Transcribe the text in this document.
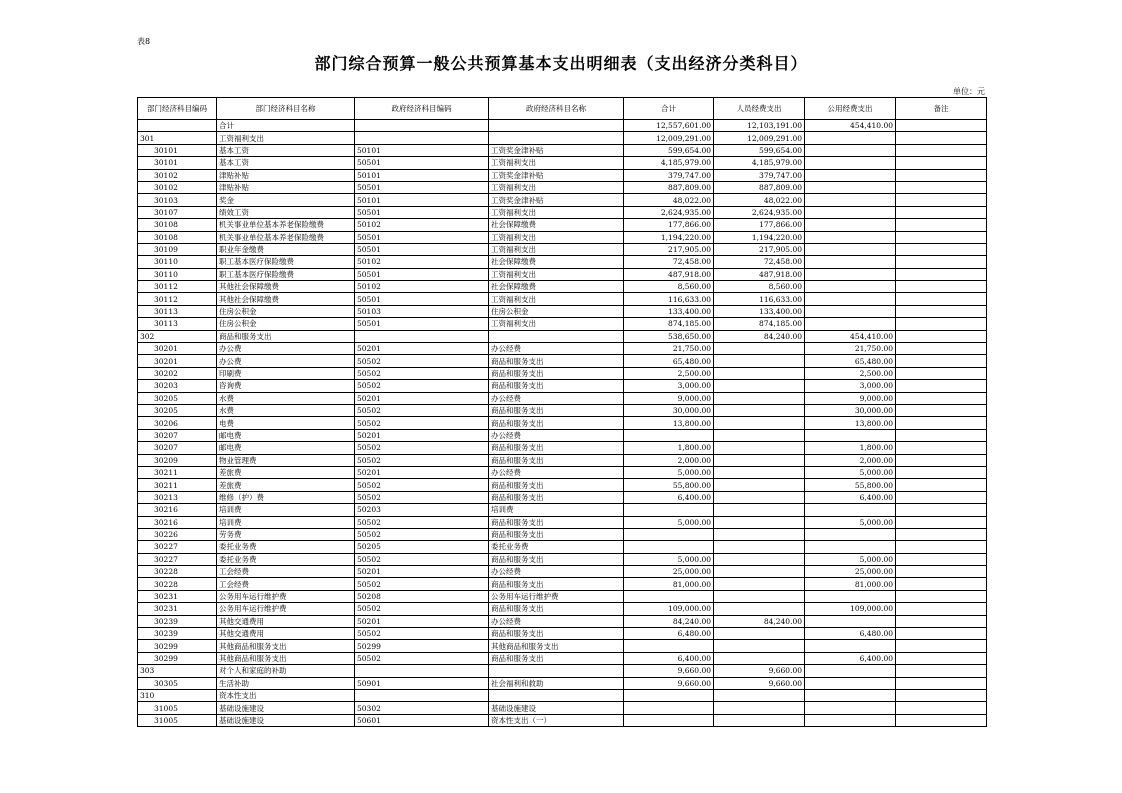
表8
部门综合预算一般公共预算基本支出明细表（支出经济分类科目）
单位：元
部门经济科目编码	部门经济科目名称	政府经济科目编码	政府经济科目名称	合计	人员经费支出	公用经费支出	备注
	合计			12,557,601.00	12,103,191.00	454,410.00	
301	工资福利支出			12,009,291.00	12,009,291.00		
30101	基本工资	50101	工资奖金津补贴	599,654.00	599,654.00		
30101	基本工资	50501	工资福利支出	4,185,979.00	4,185,979.00		
30102	津贴补贴	50101	工资奖金津补贴	379,747.00	379,747.00		
30102	津贴补贴	50501	工资福利支出	887,809.00	887,809.00		
30103	奖金	50101	工资奖金津补贴	48,022.00	48,022.00		
30107	绩效工资	50501	工资福利支出	2,624,935.00	2,624,935.00		
30108	机关事业单位基本养老保险缴费	50102	社会保障缴费	177,866.00	177,866.00		
30108	机关事业单位基本养老保险缴费	50501	工资福利支出	1,194,220.00	1,194,220.00		
30109	职业年金缴费	50501	工资福利支出	217,905.00	217,905.00		
30110	职工基本医疗保险缴费	50102	社会保障缴费	72,458.00	72,458.00		
30110	职工基本医疗保险缴费	50501	工资福利支出	487,918.00	487,918.00		
30112	其他社会保障缴费	50102	社会保障缴费	8,560.00	8,560.00		
30112	其他社会保障缴费	50501	工资福利支出	116,633.00	116,633.00		
30113	住房公积金	50103	住房公积金	133,400.00	133,400.00		
30113	住房公积金	50501	工资福利支出	874,185.00	874,185.00		
302	商品和服务支出			538,650.00	84,240.00	454,410.00	
30201	办公费	50201	办公经费	21,750.00		21,750.00	
30201	办公费	50502	商品和服务支出	65,480.00		65,480.00	
30202	印刷费	50502	商品和服务支出	2,500.00		2,500.00	
30203	咨询费	50502	商品和服务支出	3,000.00		3,000.00	
30205	水费	50201	办公经费	9,000.00		9,000.00	
30205	水费	50502	商品和服务支出	30,000.00		30,000.00	
30206	电费	50502	商品和服务支出	13,800.00		13,800.00	
30207	邮电费	50201	办公经费				
30207	邮电费	50502	商品和服务支出	1,800.00		1,800.00	
30209	物业管理费	50502	商品和服务支出	2,000.00		2,000.00	
30211	差旅费	50201	办公经费	5,000.00		5,000.00	
30211	差旅费	50502	商品和服务支出	55,800.00		55,800.00	
30213	维修（护）费	50502	商品和服务支出	6,400.00		6,400.00	
30216	培训费	50203	培训费				
30216	培训费	50502	商品和服务支出	5,000.00		5,000.00	
30226	劳务费	50502	商品和服务支出				
30227	委托业务费	50205	委托业务费				
30227	委托业务费	50502	商品和服务支出	5,000.00		5,000.00	
30228	工会经费	50201	办公经费	25,000.00		25,000.00	
30228	工会经费	50502	商品和服务支出	81,000.00		81,000.00	
30231	公务用车运行维护费	50208	公务用车运行维护费				
30231	公务用车运行维护费	50502	商品和服务支出	109,000.00		109,000.00	
30239	其他交通费用	50201	办公经费	84,240.00	84,240.00		
30239	其他交通费用	50502	商品和服务支出	6,480.00		6,480.00	
30299	其他商品和服务支出	50299	其他商品和服务支出				
30299	其他商品和服务支出	50502	商品和服务支出	6,400.00		6,400.00	
303	对个人和家庭的补助			9,660.00	9,660.00		
30305	生活补助	50901	社会福利和救助	9,660.00	9,660.00		
310	资本性支出						
31005	基础设施建设	50302	基础设施建设				
31005	基础设施建设	50601	资本性支出（一）				
